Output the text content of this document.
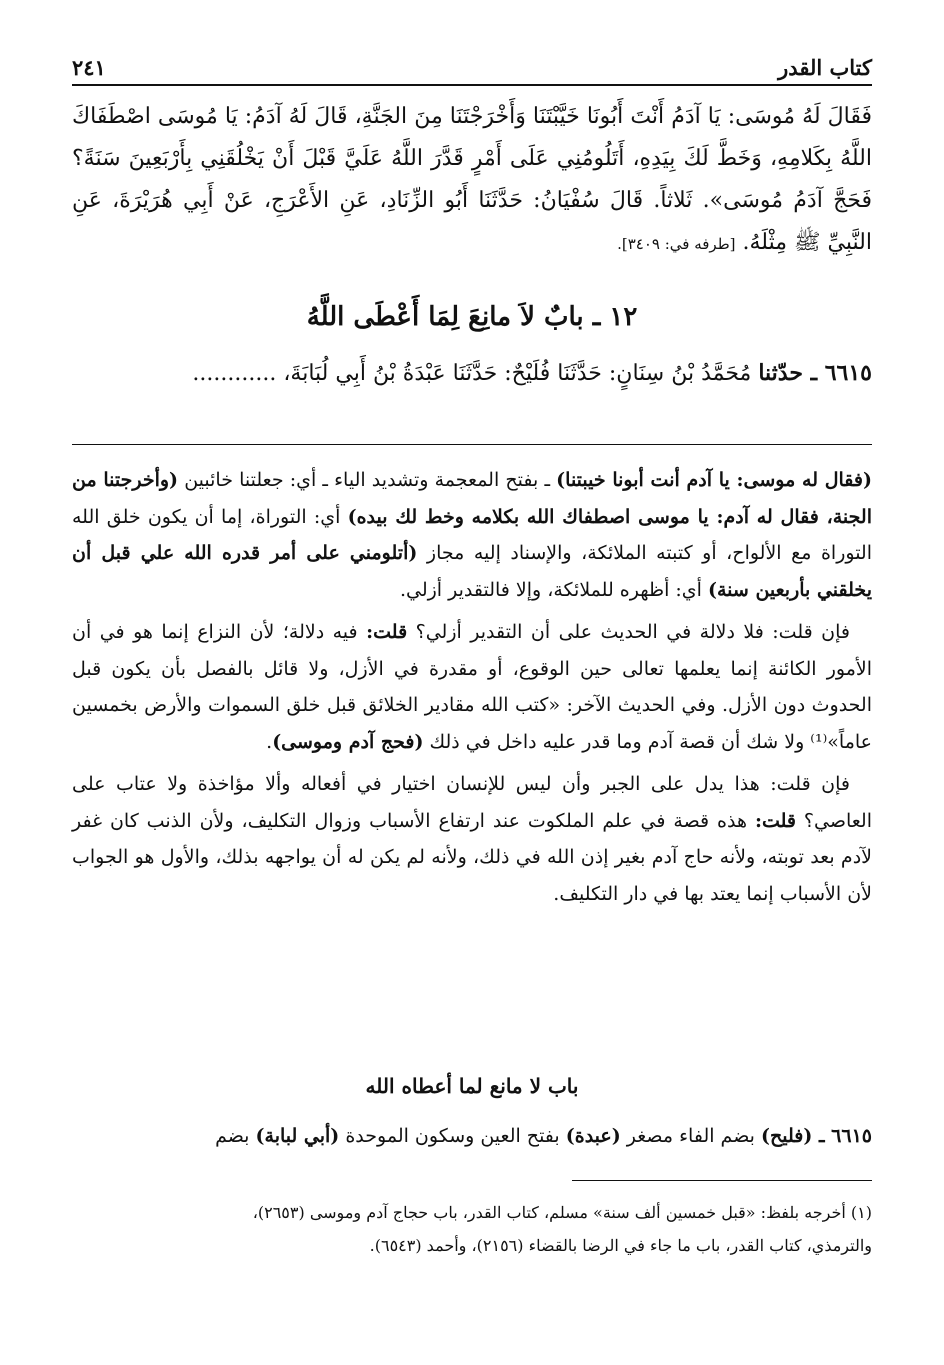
كتاب القدر
٢٤١

فَقَالَ لَهُ مُوسَى: يَا آدَمُ أَنْتَ أَبُونَا خَيَّبْتَنَا وَأَخْرَجْتَنَا مِنَ الجَنَّةِ، قَالَ لَهُ آدَمُ: يَا مُوسَى اصْطَفَاكَ اللَّهُ بِكَلامِهِ، وَخَطَّ لَكَ بِيَدِهِ، أَتَلُومُنِي عَلَى أَمْرٍ قَدَّرَ اللَّهُ عَلَيَّ قَبْلَ أَنْ يَخْلُقَنِي بِأَرْبَعِينَ سَنَةً؟ فَحَجَّ آدَمُ مُوسَى». ثَلاثاً. قَالَ سُفْيَانُ: حَدَّثَنَا أَبُو الزِّنَادِ، عَنِ الأَعْرَجِ، عَنْ أَبِي هُرَيْرَةَ، عَنِ النَّبِيِّ ﷺ مِثْلَهُ. [طرفه في: ٣٤٠٩].

١٢ ـ بابٌ لاَ مانِعَ لِمَا أَعْطَى اللَّهُ
٦٦١٥ ـ حدّثنا مُحَمَّدُ بْنُ سِنَانٍ: حَدَّثَنَا فُلَيْحٌ: حَدَّثَنَا عَبْدَةُ بْنُ أَبِي لُبَابَةَ، ............

(فقال له موسى: يا آدم أنت أبونا خيبتنا) ـ بفتح المعجمة وتشديد الياء ـ أي: جعلتنا خائبين (وأخرجتنا من الجنة، فقال له آدم: يا موسى اصطفاك الله بكلامه وخط لك بيده) أي: التوراة، إما أن يكون خلق الله التوراة مع الألواح، أو كتبته الملائكة، والإسناد إليه مجاز (أتلومني على أمر قدره الله علي قبل أن يخلقني بأربعين سنة) أي: أظهره للملائكة، وإلا فالتقدير أزلي.

فإن قلت: فلا دلالة في الحديث على أن التقدير أزلي؟ قلت: فيه دلالة؛ لأن النزاع إنما هو في أن الأمور الكائنة إنما يعلمها تعالى حين الوقوع، أو مقدرة في الأزل، ولا قائل بالفصل بأن يكون قبل الحدوث دون الأزل. وفي الحديث الآخر: «كتب الله مقادير الخلائق قبل خلق السموات والأرض بخمسين عاماً»⁽¹⁾ ولا شك أن قصة آدم وما قدر عليه داخل في ذلك (فحج آدم وموسى).

فإن قلت: هذا يدل على الجبر وأن ليس للإنسان اختيار في أفعاله وألا مؤاخذة ولا عتاب على العاصي؟ قلت: هذه قصة في علم الملكوت عند ارتفاع الأسباب وزوال التكليف، ولأن الذنب كان غفر لآدم بعد توبته، ولأنه حاج آدم بغير إذن الله في ذلك، ولأنه لم يكن له أن يواجهه بذلك، والأول هو الجواب لأن الأسباب إنما يعتد بها في دار التكليف.

باب لا مانع لما أعطاه الله
٦٦١٥ ـ (فليح) بضم الفاء مصغر (عبدة) بفتح العين وسكون الموحدة (أبي لبابة) بضم

(١) أخرجه بلفظ: «قبل خمسين ألف سنة» مسلم، كتاب القدر، باب حجاج آدم وموسى (٢٦٥٣)،

والترمذي، كتاب القدر، باب ما جاء في الرضا بالقضاء (٢١٥٦)، وأحمد (٦٥٤٣).
